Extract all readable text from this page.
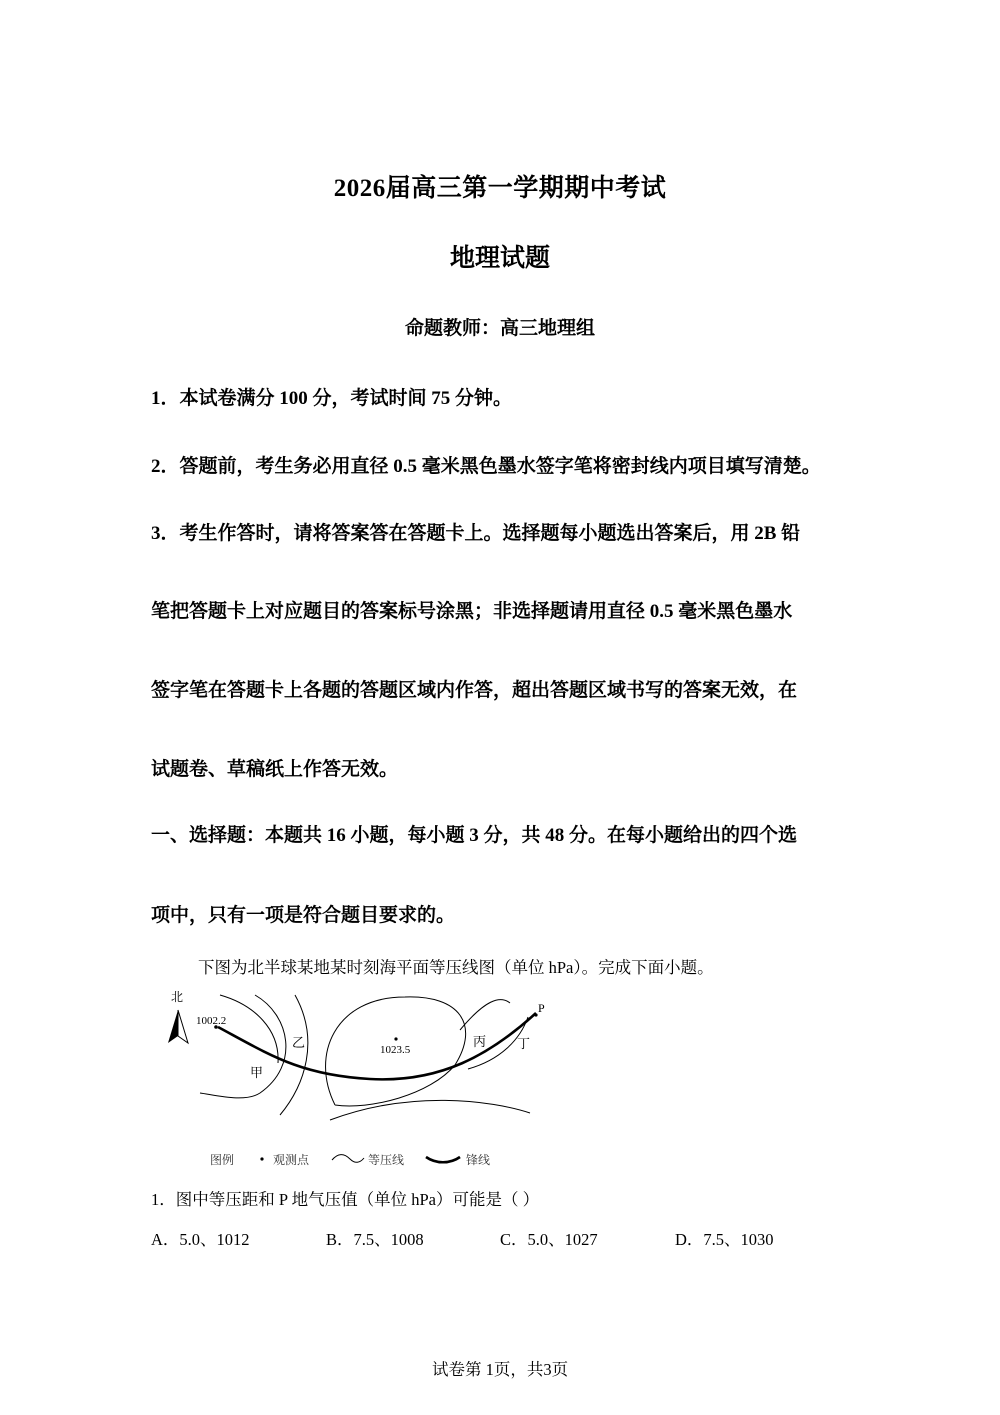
2026届高三第一学期期中考试
地理试题
命题教师：高三地理组
1．本试卷满分 100 分，考试时间 75 分钟。
2．答题前，考生务必用直径 0.5 毫米黑色墨水签字笔将密封线内项目填写清楚。
3．考生作答时，请将答案答在答题卡上。选择题每小题选出答案后，用 2B 铅
笔把答题卡上对应题目的答案标号涂黑；非选择题请用直径 0.5 毫米黑色墨水
签字笔在答题卡上各题的答题区域内作答，超出答题区域书写的答案无效，在
试题卷、草稿纸上作答无效。
一、选择题：本题共 16 小题，每小题 3 分，共 48 分。在每小题给出的四个选
项中，只有一项是符合题目要求的。
下图为北半球某地某时刻海平面等压线图（单位 hPa）。完成下面小题。
北
1002.2
1023.5
甲
乙	丙 丁
P
图例	观测点	等压线	锋线
1．图中等压距和 P 地气压值（单位 hPa）可能是（ ）
A．5.0、1012	B．7.5、1008	C．5.0、1027	D．7.5、1030
试卷第 1页，共3页
